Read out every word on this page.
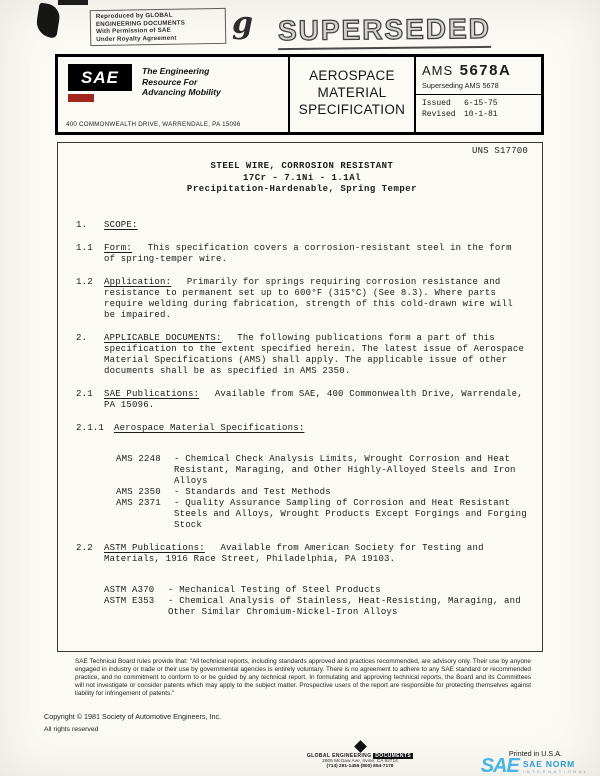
Reproduced by GLOBAL
ENGINEERING DOCUMENTS
With Permission of SAE
Under Royalty Agreement	g SUPERSEDED
SAE	The Engineering
Resource For
Advancing Mobility
400 COMMONWEALTH DRIVE, WARRENDALE, PA 15096
AEROSPACE
MATERIAL
SPECIFICATION
AMS 5678A
Superseding AMS 5678
Issued	6-15-75
Revised	10-1-81
UNS S17700
STEEL WIRE, CORROSION RESISTANT
17Cr - 7.1Ni - 1.1Al
Precipitation-Hardenable, Spring Temper

1. SCOPE:

1.1 Form: This specification covers a corrosion-resistant steel in the form of spring-temper wire.

1.2 Application: Primarily for springs requiring corrosion resistance and resistance to permanent set up to 600°F (315°C) (See 8.3). Where parts require welding during fabrication, strength of this cold-drawn wire will be impaired.

2. APPLICABLE DOCUMENTS: The following publications form a part of this specification to the extent specified herein. The latest issue of Aerospace Material Specifications (AMS) shall apply. The applicable issue of other documents shall be as specified in AMS 2350.

2.1 SAE Publications: Available from SAE, 400 Commonwealth Drive, Warrendale, PA 15096.

2.1.1 Aerospace Material Specifications:

AMS 2248 - Chemical Check Analysis Limits, Wrought Corrosion and Heat Resistant, Maraging, and Other Highly-Alloyed Steels and Iron Alloys

AMS 2350 - Standards and Test Methods

AMS 2371 - Quality Assurance Sampling of Corrosion and Heat Resistant Steels and Alloys, Wrought Products Except Forgings and Forging Stock

2.2 ASTM Publications: Available from American Society for Testing and Materials, 1916 Race Street, Philadelphia, PA 19103.

ASTM A370 - Mechanical Testing of Steel Products

ASTM E353 - Chemical Analysis of Stainless, Heat-Resisting, Maraging, and Other Similar Chromium-Nickel-Iron Alloys

SAE Technical Board rules provide that: "All technical reports, including standards approved and practices recommended, are advisory only. Their use by anyone engaged in industry or trade or their use by governmental agencies is entirely voluntary. There is no agreement to adhere to any SAE standard or recommended practice, and no commitment to conform to or be guided by any technical report. In formulating and approving technical reports, the Board and its Committees will not investigate or consider patents which may apply to the subject matter. Prospective users of the report are responsible for protecting themselves against liability for infringement of patents."
Copyright © 1981 Society of Automotive Engineers, Inc.
All rights reserved
Printed in U.S.A.
GLOBAL ENGINEERING DOCUMENTS
2805 McGaw Ave, Irvine, CA 92714
(714) 261-1455 (800) 854-7179	SAE SAE NORM
I N T E R N A T I O N A L
